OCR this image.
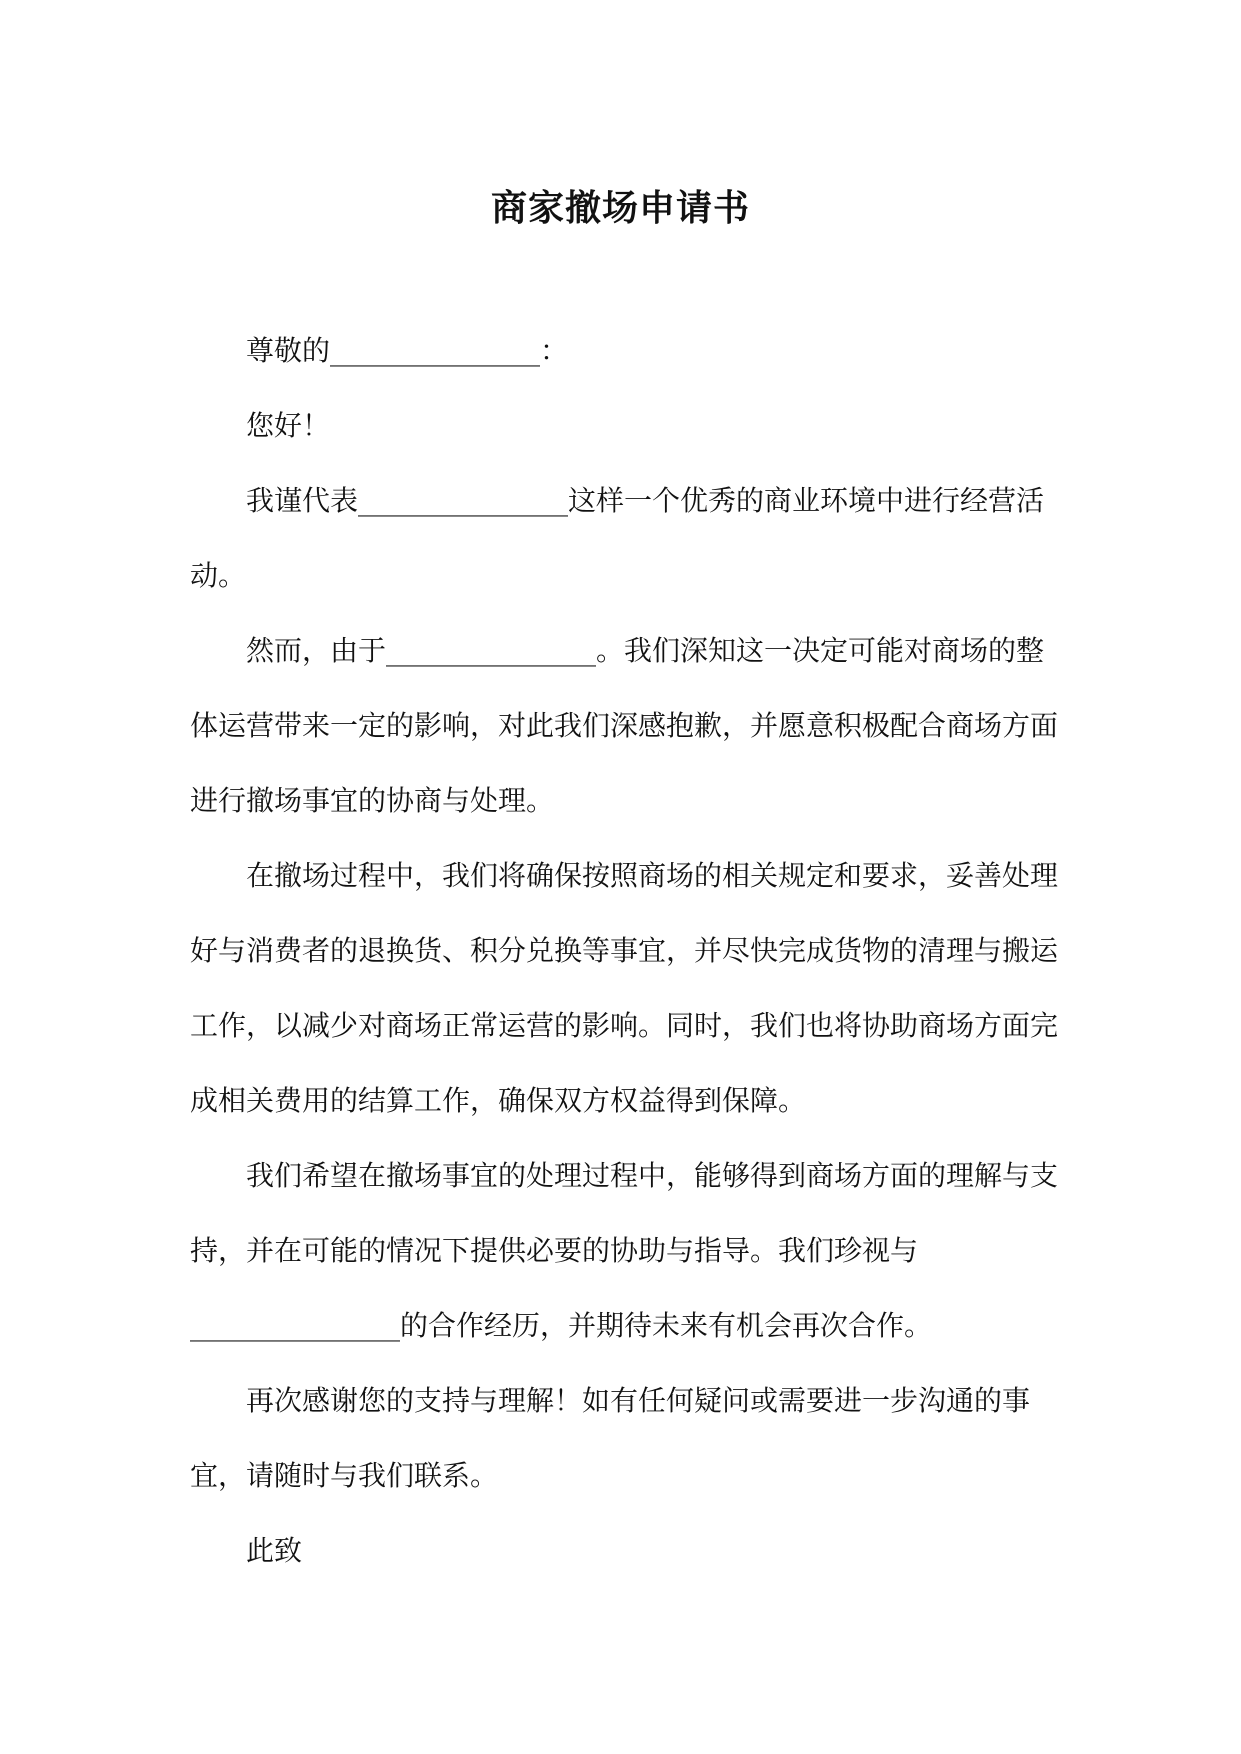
商家撤场申请书

尊敬的_______________：

您好！

我谨代表_______________这样一个优秀的商业环境中进行经营活动。

然而，由于_______________。我们深知这一决定可能对商场的整体运营带来一定的影响，对此我们深感抱歉，并愿意积极配合商场方面进行撤场事宜的协商与处理。

在撤场过程中，我们将确保按照商场的相关规定和要求，妥善处理好与消费者的退换货、积分兑换等事宜，并尽快完成货物的清理与搬运工作，以减少对商场正常运营的影响。同时，我们也将协助商场方面完成相关费用的结算工作，确保双方权益得到保障。

我们希望在撤场事宜的处理过程中，能够得到商场方面的理解与支持，并在可能的情况下提供必要的协助与指导。我们珍视与_______________的合作经历，并期待未来有机会再次合作。

再次感谢您的支持与理解！如有任何疑问或需要进一步沟通的事宜，请随时与我们联系。

此致
